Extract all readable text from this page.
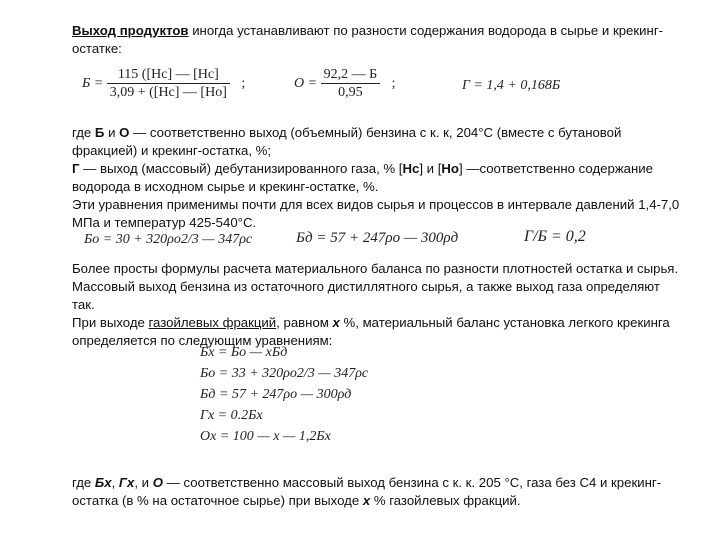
Выход продуктов иногда устанавливают по разности содержания водорода в сырье и крекинг-остатке:
$Б = \frac{115 ([Нс] — [Нс]}{3,09 + ([Нс] — [Но]}$ ;	$О = \frac{92,2 — Б}{0,95}$ ;	Г = 1,4 + 0,168Б
где Б и О — соответственно выход (объемный) бензина с к. к, 204°С (вместе с бутановой фракцией) и крекинг-остатка, %;
Г — выход (массовый) дебутанизированного газа, % [Нс] и [Но] —соответственно содержание водорода в исходном сырье и крекинг-остатке, %.
Эти уравнения применимы почти для всех видов сырья и процессов в интервале давлений 1,4-7,0 МПа и температур 425-540°С.
Бо = 30 + 320ρо2/3 — 347ρс	Бд = 57 + 247ρо — 300ρд	Г/Б = 0,2
Более просты формулы расчета материального баланса по разности плотностей остатка и сырья. Массовый выход бензина из остаточного дистиллятного сырья, а также выход газа определяют так.
При выходе газойлевых фракций, равном x %, материальный баланс установка легкого крекинга определяется по следующим уравнениям:
Бх = Бо — хБд
Бо = 33 + 320ρо2/3 — 347ρс
Бд = 57 + 247ρо — 300ρд
Гх = 0.2Бх
Ох = 100 — х — 1,2Бх
где Бх, Гх, и О — соответственно массовый выход бензина с к. к. 205 °С, газа без С4 и крекинг-остатка (в % на остаточное сырье) при выходе x % газойлевых фракций.
